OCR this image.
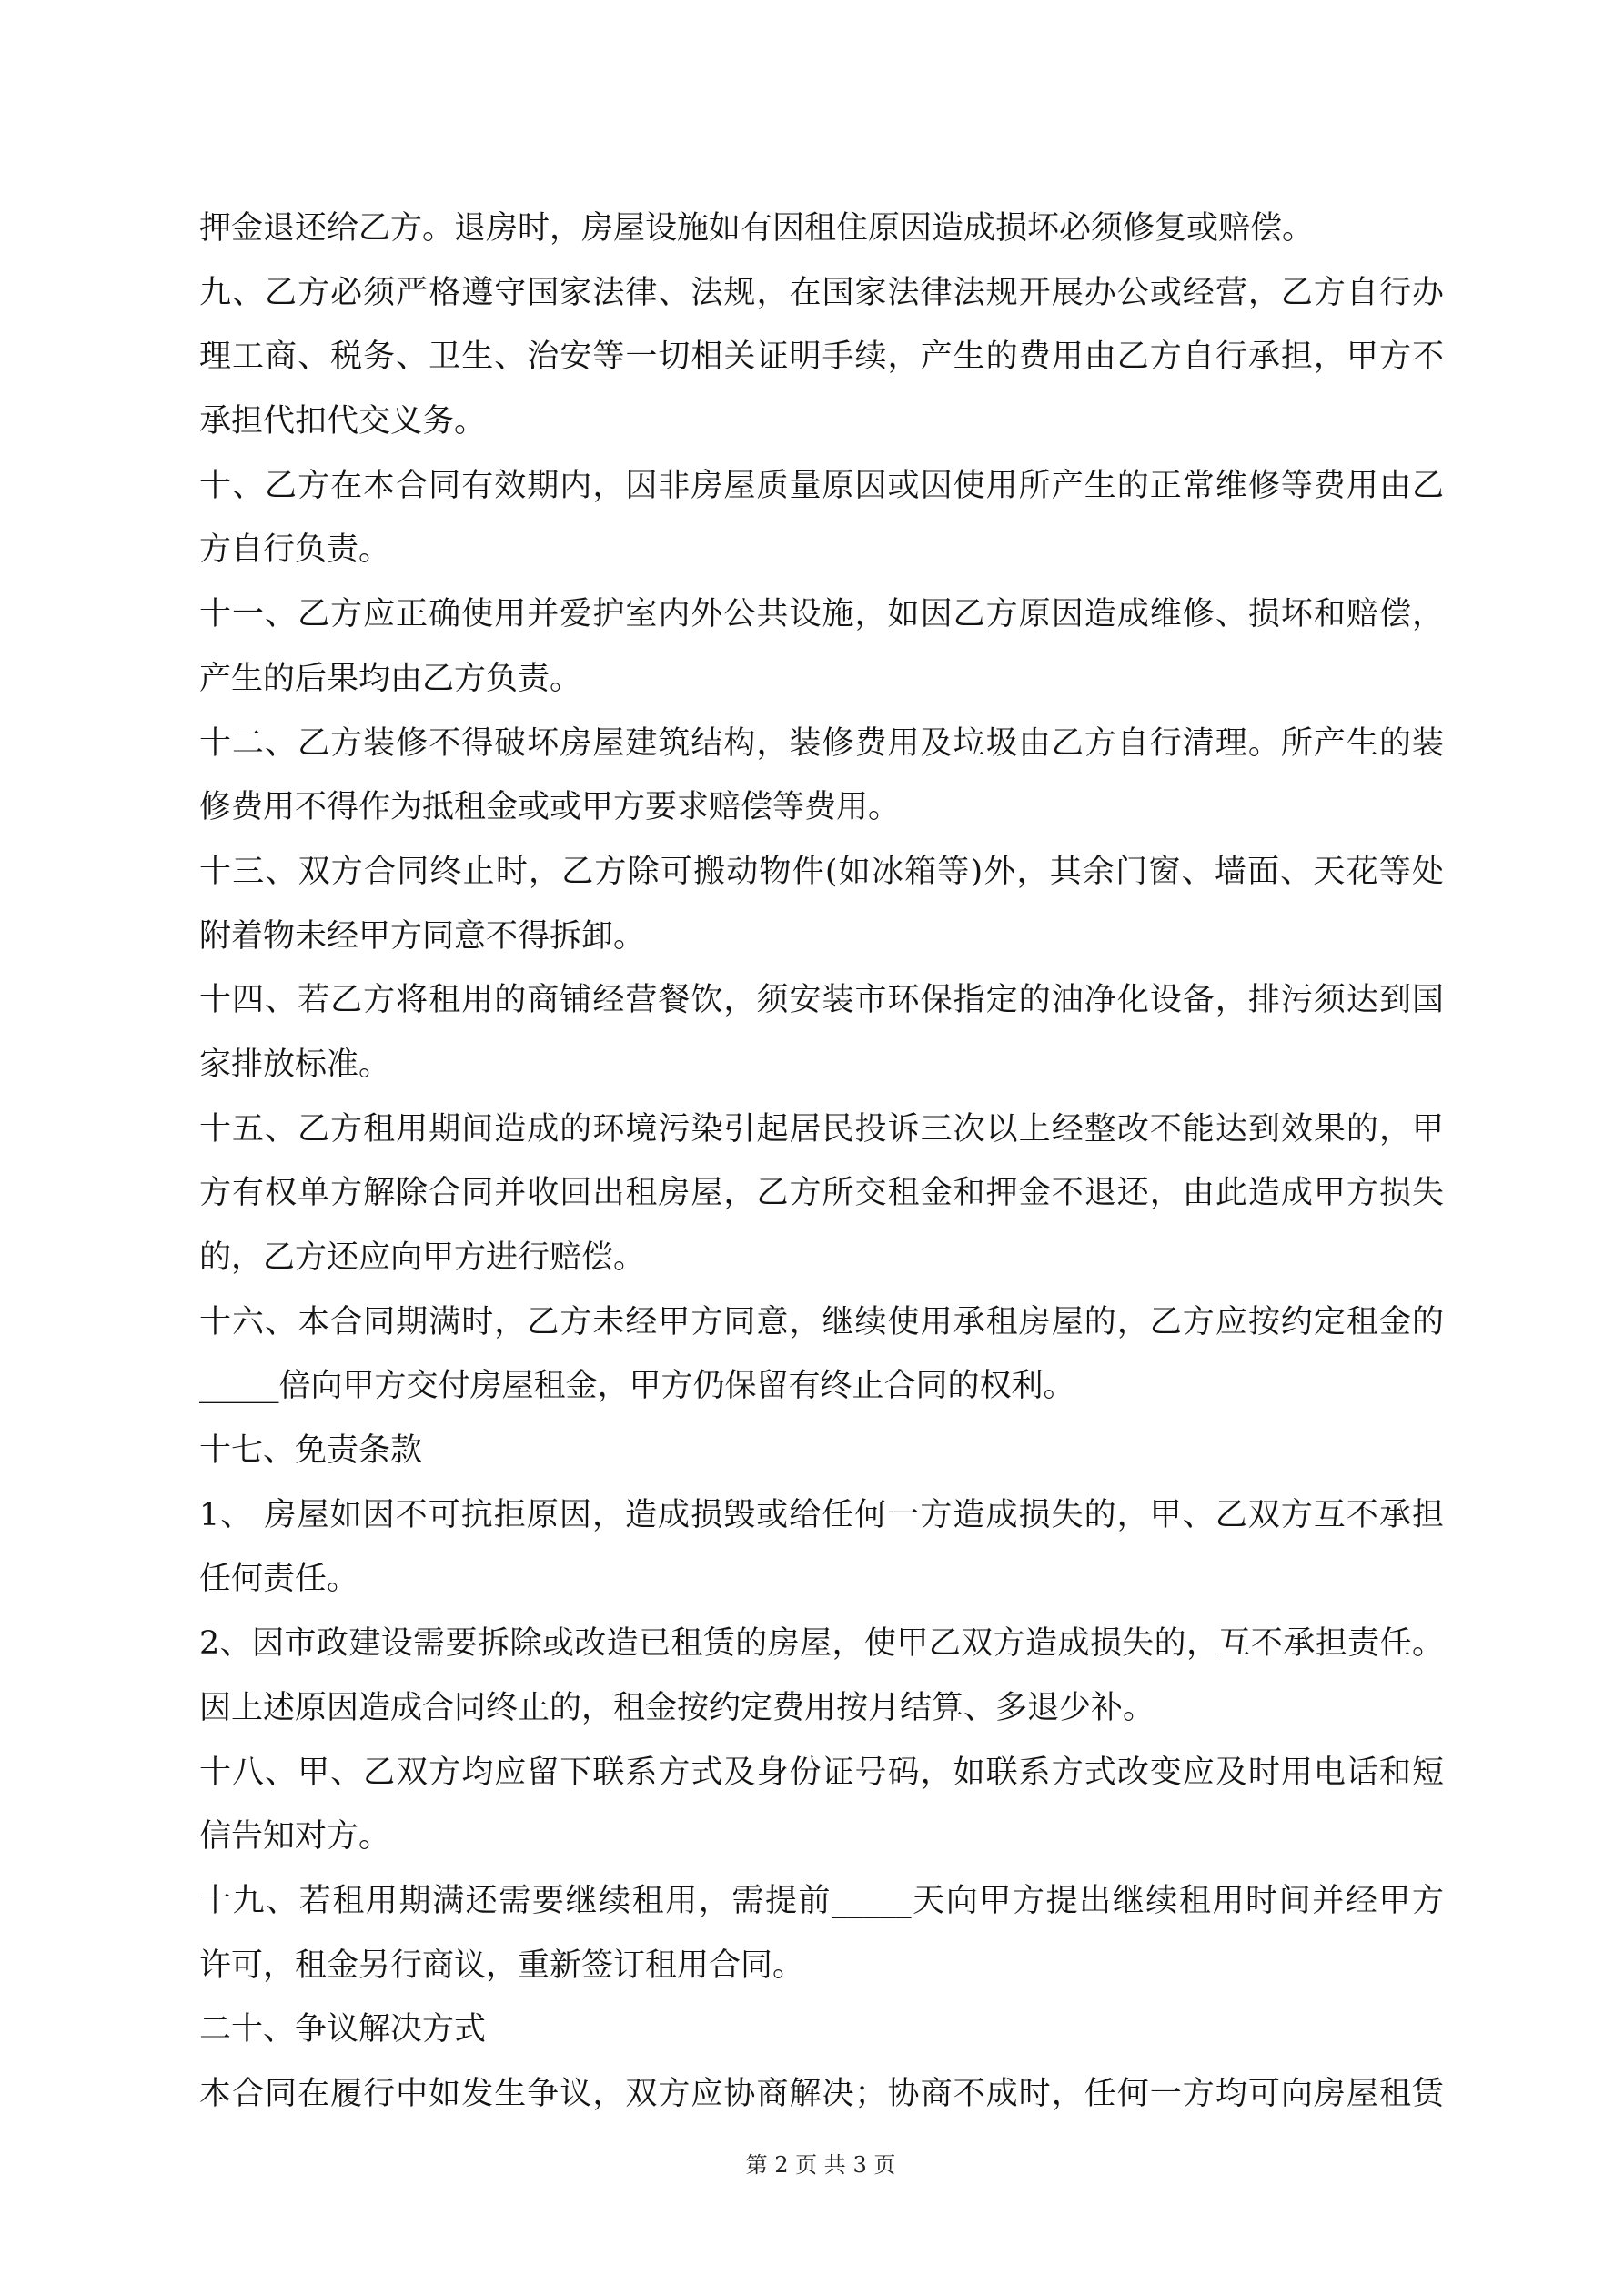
押金退还给乙方。退房时，房屋设施如有因租住原因造成损坏必须修复或赔偿。
九、乙方必须严格遵守国家法律、法规，在国家法律法规开展办公或经营，乙方自行办
理工商、税务、卫生、治安等一切相关证明手续，产生的费用由乙方自行承担，甲方不
承担代扣代交义务。
十、乙方在本合同有效期内，因非房屋质量原因或因使用所产生的正常维修等费用由乙
方自行负责。
十一、乙方应正确使用并爱护室内外公共设施，如因乙方原因造成维修、损坏和赔偿，
产生的后果均由乙方负责。
十二、乙方装修不得破坏房屋建筑结构，装修费用及垃圾由乙方自行清理。所产生的装
修费用不得作为抵租金或或甲方要求赔偿等费用。
十三、双方合同终止时，乙方除可搬动物件(如冰箱等)外，其余门窗、墙面、天花等处
附着物未经甲方同意不得拆卸。
十四、若乙方将租用的商铺经营餐饮，须安装市环保指定的油净化设备，排污须达到国
家排放标准。
十五、乙方租用期间造成的环境污染引起居民投诉三次以上经整改不能达到效果的，甲
方有权单方解除合同并收回出租房屋，乙方所交租金和押金不退还，由此造成甲方损失
的，乙方还应向甲方进行赔偿。
十六、本合同期满时，乙方未经甲方同意，继续使用承租房屋的，乙方应按约定租金的
_____倍向甲方交付房屋租金，甲方仍保留有终止合同的权利。
十七、免责条款
1、 房屋如因不可抗拒原因，造成损毁或给任何一方造成损失的，甲、乙双方互不承担
任何责任。
2、因市政建设需要拆除或改造已租赁的房屋，使甲乙双方造成损失的，互不承担责任。
因上述原因造成合同终止的，租金按约定费用按月结算、多退少补。
十八、甲、乙双方均应留下联系方式及身份证号码，如联系方式改变应及时用电话和短
信告知对方。
十九、若租用期满还需要继续租用，需提前_____天向甲方提出继续租用时间并经甲方
许可，租金另行商议，重新签订租用合同。
二十、争议解决方式
本合同在履行中如发生争议，双方应协商解决；协商不成时，任何一方均可向房屋租赁
第 2 页 共 3 页
